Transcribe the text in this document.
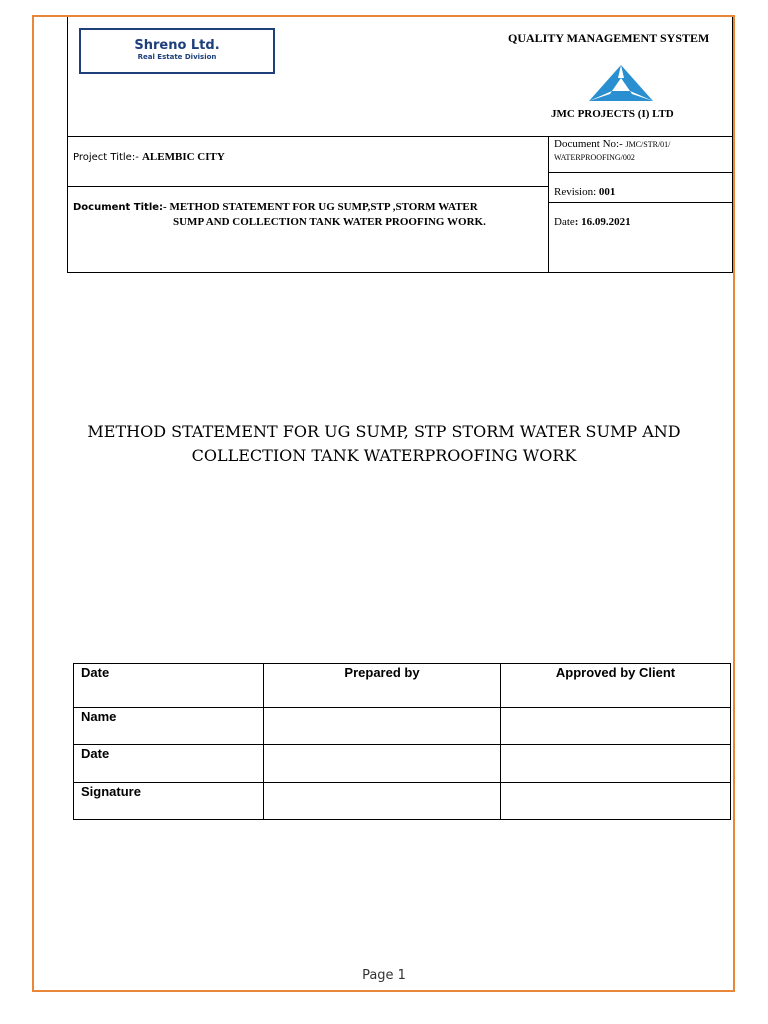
Shreno Ltd.
Real Estate Division
QUALITY MANAGEMENT SYSTEM
JMC PROJECTS (I) LTD
Project Title:- ALEMBIC CITY
Document Title:- METHOD STATEMENT FOR UG SUMP,STP ,STORM WATER
SUMP AND COLLECTION TANK WATER PROOFING WORK.
Document No:- JMC/STR/01/
WATERPROOFING/002
Revision: 001
Date: 16.09.2021
METHOD STATEMENT FOR UG SUMP, STP STORM WATER SUMP AND
COLLECTION TANK WATERPROOFING WORK
Date	Prepared by	Approved by Client
Name		
Date		
Signature		
Page 1
